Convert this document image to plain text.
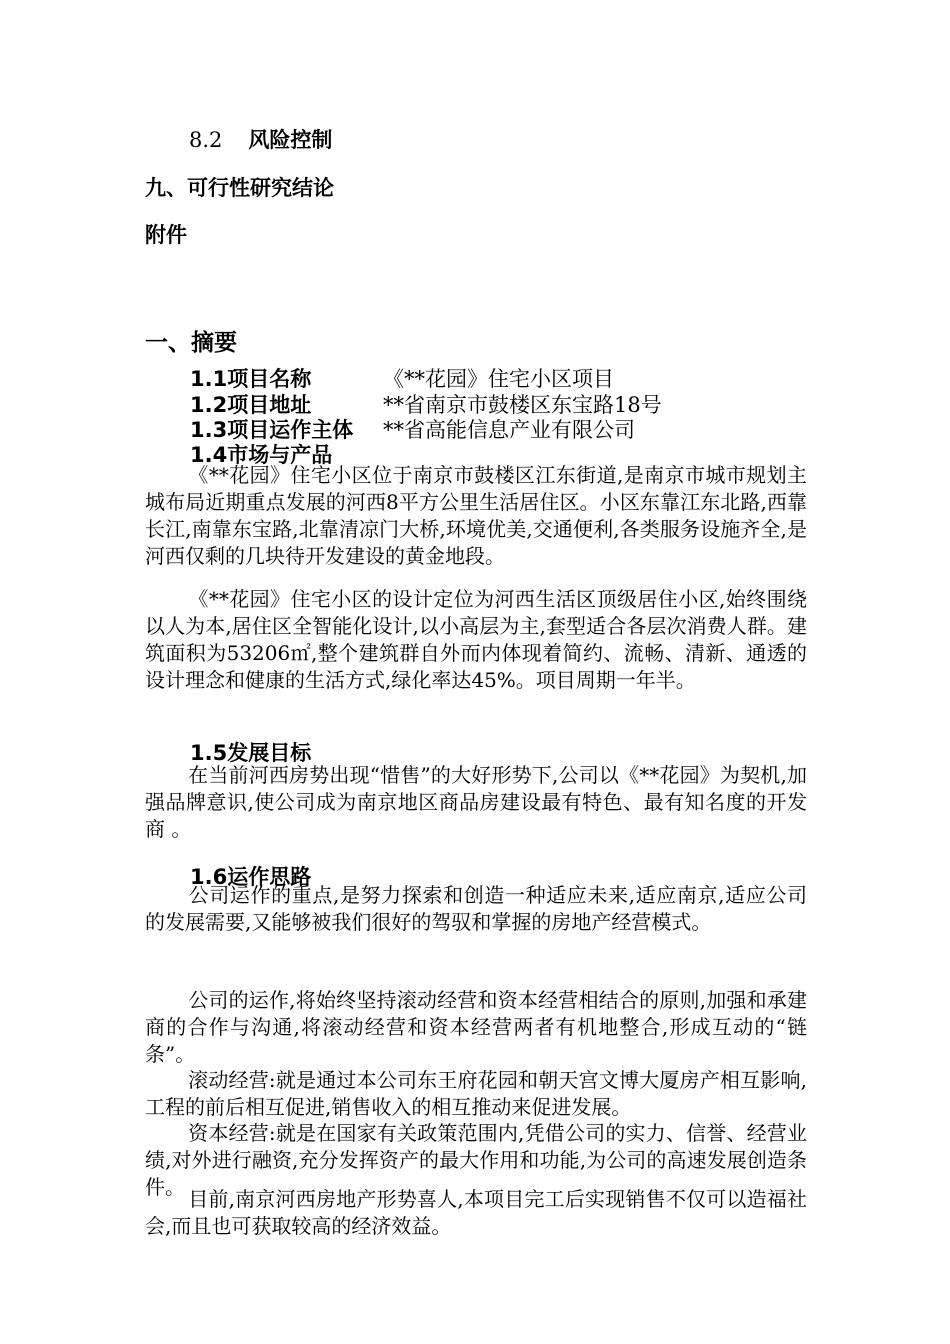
8.2 风险控制
九、可行性研究结论
附件
一、摘要
1.1项目名称	《**花园》住宅小区项目
1.2项目地址	**省南京市鼓楼区东宝路18号
1.3项目运作主体 **省高能信息产业有限公司
1.4市场与产品
《**花园》住宅小区位于南京市鼓楼区江东街道,是南京市城市规划主城布局近期重点发展的河西8平方公里生活居住区。小区东靠江东北路,西靠长江,南靠东宝路,北靠清凉门大桥,环境优美,交通便利,各类服务设施齐全,是河西仅剩的几块待开发建设的黄金地段。
《**花园》住宅小区的设计定位为河西生活区顶级居住小区,始终围绕以人为本,居住区全智能化设计,以小高层为主,套型适合各层次消费人群。建筑面积为53206㎡,整个建筑群自外而内体现着简约、流畅、清新、通透的设计理念和健康的生活方式,绿化率达45%。项目周期一年半。
1.5发展目标
在当前河西房势出现“惜售”的大好形势下,公司以《**花园》为契机,加强品牌意识,使公司成为南京地区商品房建设最有特色、最有知名度的开发商 。
1.6运作思路
公司运作的重点,是努力探索和创造一种适应未来,适应南京,适应公司的发展需要,又能够被我们很好的驾驭和掌握的房地产经营模式。
公司的运作,将始终坚持滚动经营和资本经营相结合的原则,加强和承建商的合作与沟通,将滚动经营和资本经营两者有机地整合,形成互动的“链条”。
滚动经营:就是通过本公司东王府花园和朝天宫文博大厦房产相互影响,工程的前后相互促进,销售收入的相互推动来促进发展。
资本经营:就是在国家有关政策范围内,凭借公司的实力、信誉、经营业绩,对外进行融资,充分发挥资产的最大作用和功能,为公司的高速发展创造条件。 目前,南京河西房地产形势喜人,本项目完工后实现销售不仅可以造福社会,而且也可获取较高的经济效益。
